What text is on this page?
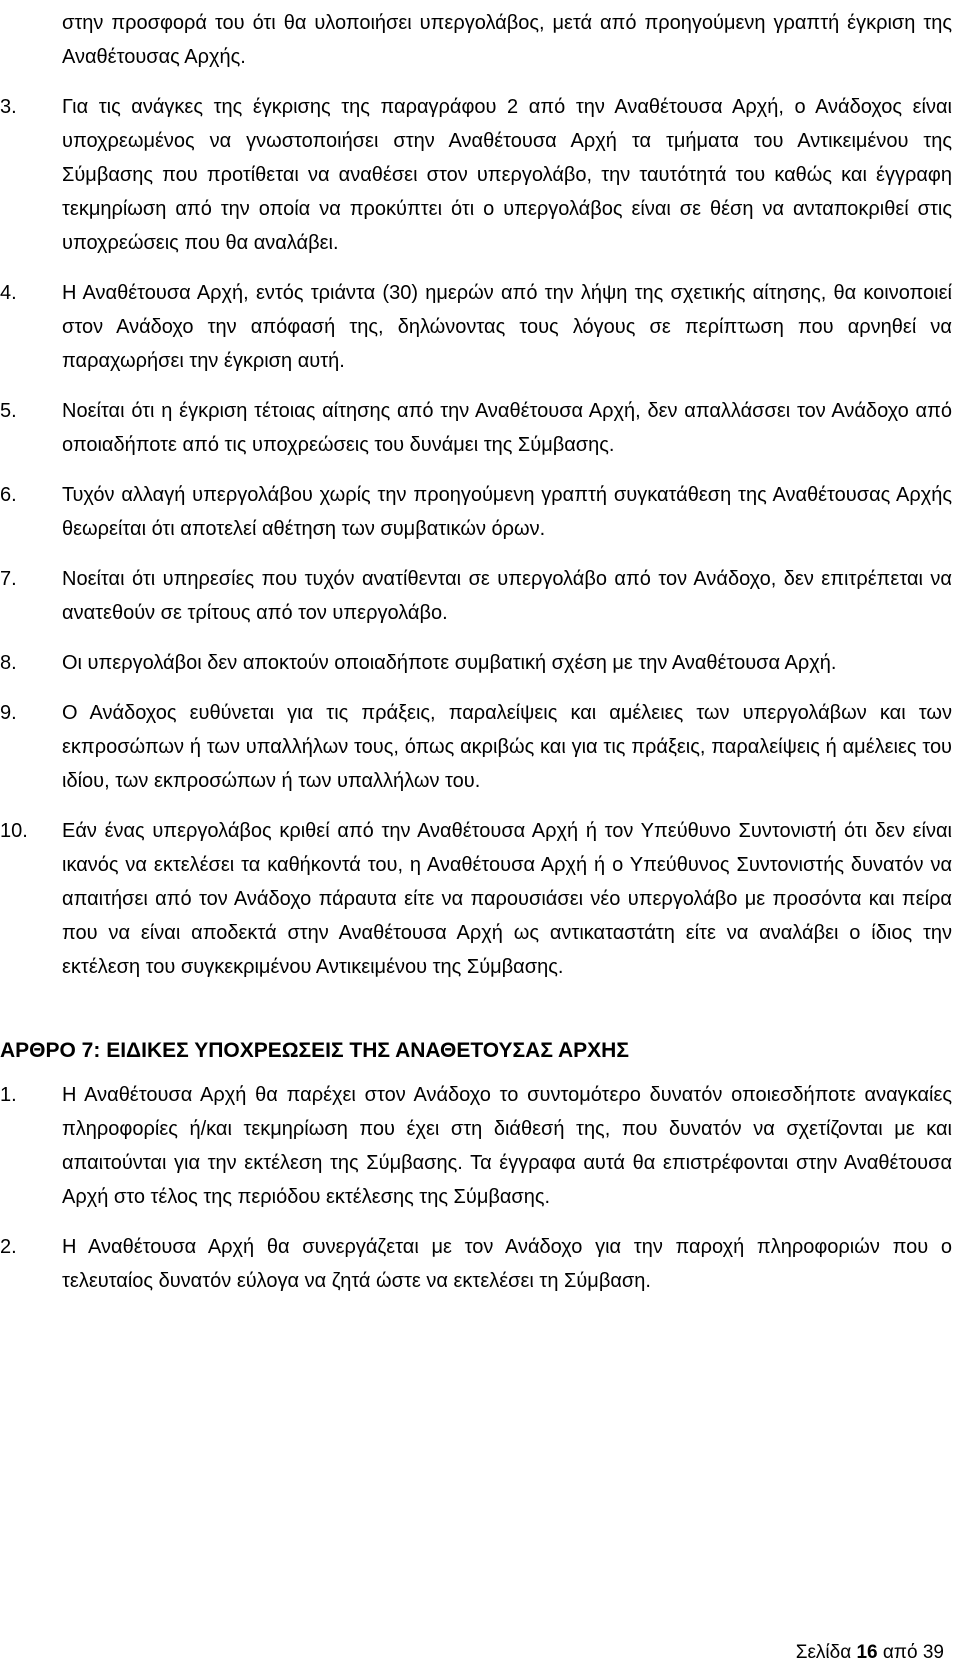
στην προσφορά του ότι θα υλοποιήσει υπεργολάβος, μετά από προηγούμενη γραπτή έγκριση της Αναθέτουσας Αρχής.

3.	Για τις ανάγκες της έγκρισης της παραγράφου 2 από την Αναθέτουσα Αρχή, ο Ανάδοχος είναι υποχρεωμένος να γνωστοποιήσει στην Αναθέτουσα Αρχή τα τμήματα του Αντικειμένου της Σύμβασης που προτίθεται να αναθέσει στον υπεργολάβο, την ταυτότητά του καθώς και έγγραφη τεκμηρίωση από την οποία να προκύπτει ότι ο υπεργολάβος είναι σε θέση να ανταποκριθεί στις υποχρεώσεις που θα αναλάβει.
4.	Η Αναθέτουσα Αρχή, εντός τριάντα (30) ημερών από την λήψη της σχετικής αίτησης, θα κοινοποιεί στον Ανάδοχο την απόφασή της, δηλώνοντας τους λόγους σε περίπτωση που αρνηθεί να παραχωρήσει την έγκριση αυτή.
5.	Νοείται ότι η έγκριση τέτοιας αίτησης από την Αναθέτουσα Αρχή, δεν απαλλάσσει τον Ανάδοχο από οποιαδήποτε από τις υποχρεώσεις του δυνάμει της Σύμβασης.
6.	Τυχόν αλλαγή υπεργολάβου χωρίς την προηγούμενη γραπτή συγκατάθεση της Αναθέτουσας Αρχής θεωρείται ότι αποτελεί αθέτηση των συμβατικών όρων.
7.	Νοείται ότι υπηρεσίες που τυχόν ανατίθενται σε υπεργολάβο από τον Ανάδοχο, δεν επιτρέπεται να ανατεθούν σε τρίτους από τον υπεργολάβο.
8.	Οι υπεργολάβοι δεν αποκτούν οποιαδήποτε συμβατική σχέση με την Αναθέτουσα Αρχή.
9.	Ο Ανάδοχος ευθύνεται για τις πράξεις, παραλείψεις και αμέλειες των υπεργολάβων και των εκπροσώπων ή των υπαλλήλων τους, όπως ακριβώς και για τις πράξεις, παραλείψεις ή αμέλειες του ιδίου, των εκπροσώπων ή των υπαλλήλων του.
10.	Εάν ένας υπεργολάβος κριθεί από την Αναθέτουσα Αρχή ή τον Υπεύθυνο Συντονιστή ότι δεν είναι ικανός να εκτελέσει τα καθήκοντά του, η Αναθέτουσα Αρχή ή ο Υπεύθυνος Συντονιστής δυνατόν να απαιτήσει από τον Ανάδοχο πάραυτα είτε να παρουσιάσει νέο υπεργολάβο με προσόντα και πείρα που να είναι αποδεκτά στην Αναθέτουσα Αρχή ως αντικαταστάτη είτε να αναλάβει ο ίδιος την εκτέλεση του συγκεκριμένου Αντικειμένου της Σύμβασης.
ΑΡΘΡΟ 7: ΕΙΔΙΚΕΣ ΥΠΟΧΡΕΩΣΕΙΣ ΤΗΣ ΑΝΑΘΕΤΟΥΣΑΣ ΑΡΧΗΣ
1.	Η Αναθέτουσα Αρχή θα παρέχει στον Ανάδοχο το συντομότερο δυνατόν οποιεσδήποτε αναγκαίες πληροφορίες ή/και τεκμηρίωση που έχει στη διάθεσή της, που δυνατόν να σχετίζονται με και απαιτούνται για την εκτέλεση της Σύμβασης. Τα έγγραφα αυτά θα επιστρέφονται στην Αναθέτουσα Αρχή στο τέλος της περιόδου εκτέλεσης της Σύμβασης.
2.	Η Αναθέτουσα Αρχή θα συνεργάζεται με τον Ανάδοχο για την παροχή πληροφοριών που ο τελευταίος δυνατόν εύλογα να ζητά ώστε να εκτελέσει τη Σύμβαση.
Σελίδα 16 από 39
